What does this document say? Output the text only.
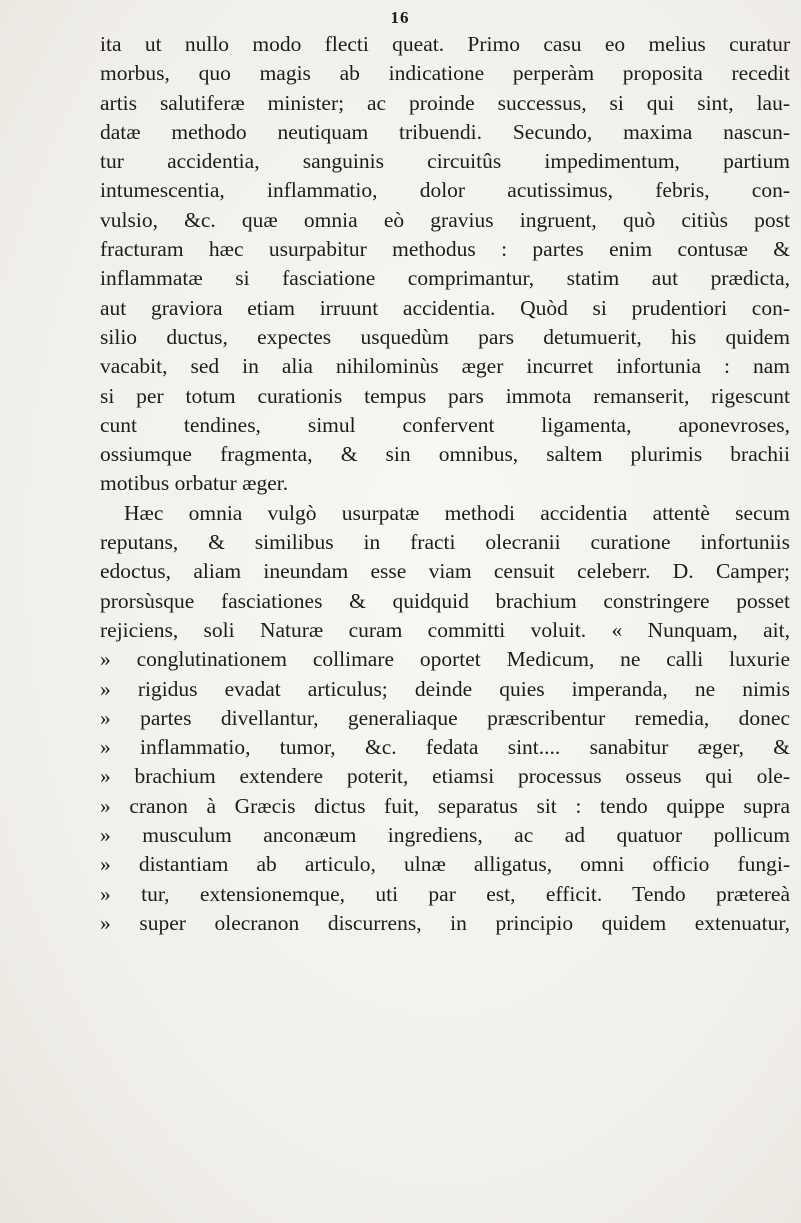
16
ita ut nullo modo flecti queat. Primo casu eo melius curatur
morbus, quo magis ab indicatione perperàm proposita recedit
artis salutiferæ minister; ac proinde successus, si qui sint, lau-
datæ methodo neutiquam tribuendi. Secundo, maxima nascun-
tur accidentia, sanguinis circuitûs impedimentum, partium
intumescentia, inflammatio, dolor acutissimus, febris, con-
vulsio, &c. quæ omnia eò gravius ingruent, quò citiùs post
fracturam hæc usurpabitur methodus : partes enim contusæ &
inflammatæ si fasciatione comprimantur, statim aut prædicta,
aut graviora etiam irruunt accidentia. Quòd si prudentiori con-
silio ductus, expectes usquedùm pars detumuerit, his quidem
vacabit, sed in alia nihilominùs æger incurret infortunia : nam
si per totum curationis tempus pars immota remanserit, rigescunt
cunt tendines, simul confervent ligamenta, aponevroses,
ossiumque fragmenta, & sin omnibus, saltem plurimis brachii
motibus orbatur æger.
Hæc omnia vulgò usurpatæ methodi accidentia attentè secum
reputans, & similibus in fracti olecranii curatione infortuniis
edoctus, aliam ineundam esse viam censuit celeberr. D. Camper;
prorsùsque fasciationes & quidquid brachium constringere posset
rejiciens, soli Naturæ curam committi voluit. « Nunquam, ait,
» conglutinationem collimare oportet Medicum, ne calli luxurie
» rigidus evadat articulus; deinde quies imperanda, ne nimis
» partes divellantur, generaliaque præscribentur remedia, donec
» inflammatio, tumor, &c. fedata sint.... sanabitur æger, &
» brachium extendere poterit, etiamsi processus osseus qui ole-
» cranon à Græcis dictus fuit, separatus sit : tendo quippe supra
» musculum anconæum ingrediens, ac ad quatuor pollicum
» distantiam ab articulo, ulnæ alligatus, omni officio fungi-
» tur, extensionemque, uti par est, efficit. Tendo prætereà
» super olecranon discurrens, in principio quidem extenuatur,
